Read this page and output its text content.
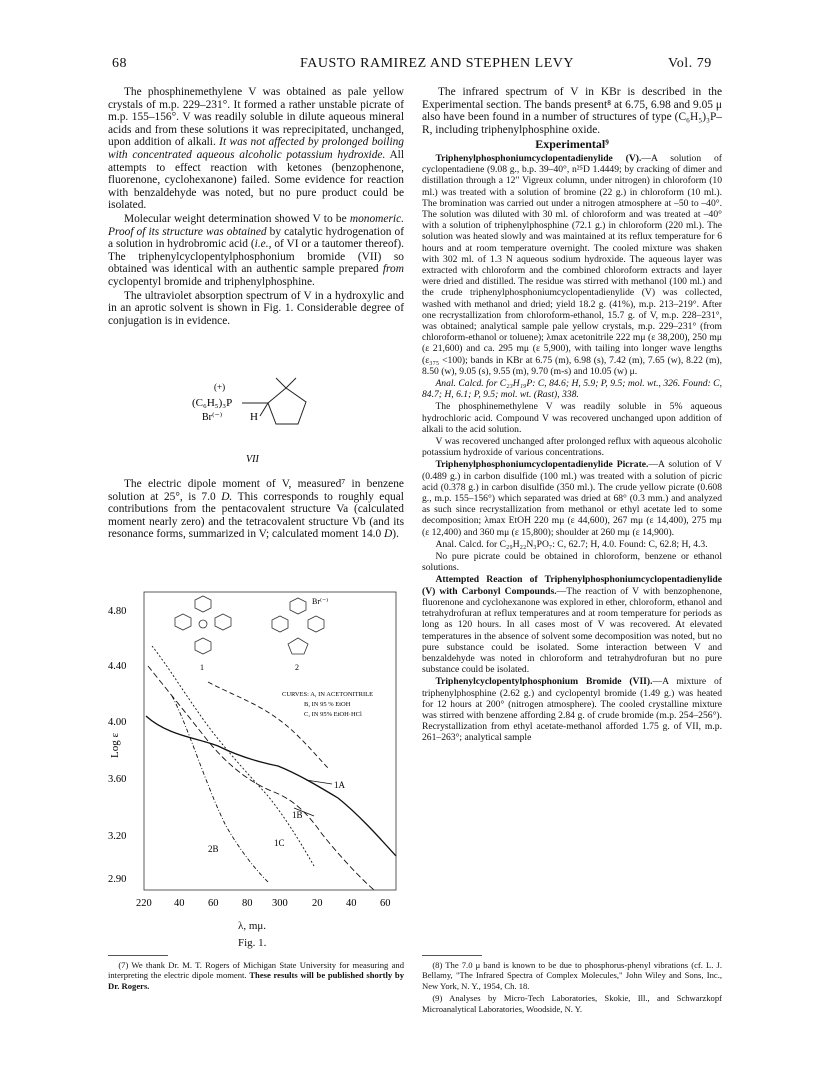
68	FAUSTO RAMIREZ AND STEPHEN LEVY	Vol. 79

The phosphinemethylene V was obtained as pale yellow crystals of m.p. 229–231°. It formed a rather unstable picrate of m.p. 155–156°. V was readily soluble in dilute aqueous mineral acids and from these solutions it was reprecipitated, unchanged, upon addition of alkali. It was not affected by prolonged boiling with concentrated aqueous alcoholic potassium hydroxide. All attempts to effect reaction with ketones (benzophenone, fluorenone, cyclohexanone) failed. Some evidence for reaction with benzaldehyde was noted, but no pure product could be isolated.

Molecular weight determination showed V to be monomeric. Proof of its structure was obtained by catalytic hydrogenation of a solution in hydrobromic acid (i.e., of VI or a tautomer thereof). The triphenylcyclopentylphosphonium bromide (VII) so obtained was identical with an authentic sample prepared from cyclopentyl bromide and triphenylphosphine.

The ultraviolet absorption spectrum of V in a hydroxylic and in an aprotic solvent is shown in Fig. 1. Considerable degree of conjugation is in evidence.

(+)
(C₆H₅)₃P
Br⁽⁻⁾	H
VII

The electric dipole moment of V, measured⁷ in benzene solution at 25°, is 7.0 D. This corresponds to roughly equal contributions from the pentacovalent structure Va (calculated moment nearly zero) and the tetracovalent structure Vb (and its resonance forms, summarized in V; calculated moment 14.0 D).

Log ε
4.80
4.40
4.00
3.60
3.20
2.90
220 40 60 80 300 20 40 60
1
Br⁽⁻⁾
2
CURVES: A, IN ACETONITRILE
B, IN 95 % EtOH
C, IN 95% EtOH·HCl
1A
1B
1C
2B
λ, mμ.
Fig. 1.

(7) We thank Dr. M. T. Rogers of Michigan State University for measuring and interpreting the electric dipole moment. These results will be published shortly by Dr. Rogers.

The infrared spectrum of V in KBr is described in the Experimental section. The bands present⁸ at 6.75, 6.98 and 9.05 μ also have been found in a number of structures of type (C₆H₅)₃P–R, including triphenylphosphine oxide.

Experimental⁹

Triphenylphosphoniumcyclopentadienylide (V).—A solution of cyclopentadiene (9.08 g., b.p. 39–40°, n²⁵D 1.4449; by cracking of dimer and distillation through a 12" Vigreux column, under nitrogen) in chloroform (10 ml.) was treated with a solution of bromine (22 g.) in chloroform (10 ml.). The bromination was carried out under a nitrogen atmosphere at –50 to –40°. The solution was diluted with 30 ml. of chloroform and was treated at –40° with a solution of triphenylphosphine (72.1 g.) in chloroform (220 ml.). The solution was heated slowly and was maintained at its reflux temperature for 6 hours and at room temperature overnight. The cooled mixture was shaken with 302 ml. of 1.3 N aqueous sodium hydroxide. The aqueous layer was extracted with chloroform and the combined chloroform extracts and layer were dried and distilled. The residue was stirred with methanol (100 ml.) and the crude triphenylphosphoniumcyclopentadienylide (V) was collected, washed with methanol and dried; yield 18.2 g. (41%), m.p. 213–219°. After one recrystallization from chloroform-ethanol, 15.7 g. of V, m.p. 228–231°, was obtained; analytical sample pale yellow crystals, m.p. 229–231° (from chloroform-ethanol or toluene); λmax acetonitrile 222 mμ (ε 38,200), 250 mμ (ε 21,600) and ca. 295 mμ (ε 5,900), with tailing into longer wave lengths (ε₃₇₅ <100); bands in KBr at 6.75 (m), 6.98 (s), 7.42 (m), 7.65 (w), 8.22 (m), 8.50 (w), 9.05 (s), 9.55 (m), 9.70 (m-s) and 10.05 (w) μ.

Anal. Calcd. for C₂₃H₁₉P: C, 84.6; H, 5.9; P, 9.5; mol. wt., 326. Found: C, 84.7; H, 6.1; P, 9.5; mol. wt. (Rast), 338.

The phosphinemethylene V was readily soluble in 5% aqueous hydrochloric acid. Compound V was recovered unchanged upon addition of alkali to the acid solution.

V was recovered unchanged after prolonged reflux with aqueous alcoholic potassium hydroxide of various concentrations.

Triphenylphosphoniumcyclopentadienylide Picrate.—A solution of V (0.489 g.) in carbon disulfide (100 ml.) was treated with a solution of picric acid (0.378 g.) in carbon disulfide (350 ml.). The crude yellow picrate (0.608 g., m.p. 155–156°) which separated was dried at 68° (0.3 mm.) and analyzed as such since recrystallization from methanol or ethyl acetate led to some decomposition; λmax EtOH 220 mμ (ε 44,600), 267 mμ (ε 14,400), 275 mμ (ε 12,400) and 360 mμ (ε 15,800); shoulder at 260 mμ (ε 14,900).

Anal. Calcd. for C₂₉H₂₂N₃PO₇: C, 62.7; H, 4.0. Found: C, 62.8; H, 4.3.

No pure picrate could be obtained in chloroform, benzene or ethanol solutions.

Attempted Reaction of Triphenylphosphoniumcyclopentadienylide (V) with Carbonyl Compounds.—The reaction of V with benzophenone, fluorenone and cyclohexanone was explored in ether, chloroform, ethanol and tetrahydrofuran at reflux temperatures and at room temperature for periods as long as 120 hours. In all cases most of V was recovered. At elevated temperatures in the absence of solvent some decomposition was noted, but no pure substance could be isolated. Some interaction between V and benzaldehyde was noted in chloroform and tetrahydrofuran but no pure substance could be isolated.

Triphenylcyclopentylphosphonium Bromide (VII).—A mixture of triphenylphosphine (2.62 g.) and cyclopentyl bromide (1.49 g.) was heated for 12 hours at 200° (nitrogen atmosphere). The cooled crystalline mixture was stirred with benzene affording 2.84 g. of crude bromide (m.p. 254–256°). Recrystallization from ethyl acetate-methanol afforded 1.75 g. of VII, m.p. 261–263°; analytical sample

(8) The 7.0 μ band is known to be due to phosphorus-phenyl vibrations (cf. L. J. Bellamy, "The Infrared Spectra of Complex Molecules," John Wiley and Sons, Inc., New York, N. Y., 1954, Ch. 18.

(9) Analyses by Micro-Tech Laboratories, Skokie, Ill., and Schwarzkopf Microanalytical Laboratories, Woodside, N. Y.
